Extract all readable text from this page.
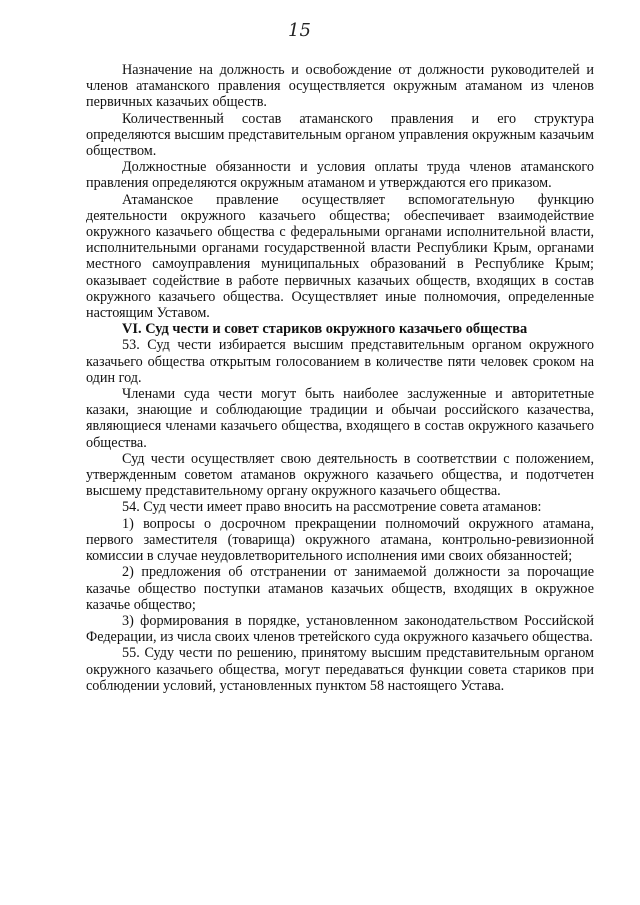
15

Назначение на должность и освобождение от должности руководителей и членов атаманского правления осуществляется окружным атаманом из членов первичных казачьих обществ.

Количественный состав атаманского правления и его структура определяются высшим представительным органом управления окружным казачьим обществом.

Должностные обязанности и условия оплаты труда членов атаманского правления определяются окружным атаманом и утверждаются его приказом.

Атаманское правление осуществляет вспомогательную функцию деятельности окружного казачьего общества; обеспечивает взаимодействие окружного казачьего общества с федеральными органами исполнительной власти, исполнительными органами государственной власти Республики Крым, органами местного самоуправления муниципальных образований в Республике Крым; оказывает содействие в работе первичных казачьих обществ, входящих в состав окружного казачьего общества. Осуществляет иные полномочия, определенные настоящим Уставом.

VI. Суд чести и совет стариков окружного казачьего общества

53. Суд чести избирается высшим представительным органом окружного казачьего общества открытым голосованием в количестве пяти человек сроком на один год.

Членами суда чести могут быть наиболее заслуженные и авторитетные казаки, знающие и соблюдающие традиции и обычаи российского казачества, являющиеся членами казачьего общества, входящего в состав окружного казачьего общества.

Суд чести осуществляет свою деятельность в соответствии с положением, утвержденным советом атаманов окружного казачьего общества, и подотчетен высшему представительному органу окружного казачьего общества.

54. Суд чести имеет право вносить на рассмотрение совета атаманов:

1) вопросы о досрочном прекращении полномочий окружного атамана, первого заместителя (товарища) окружного атамана, контрольно-ревизионной комиссии в случае неудовлетворительного исполнения ими своих обязанностей;

2) предложения об отстранении от занимаемой должности за порочащие казачье общество поступки атаманов казачьих обществ, входящих в окружное казачье общество;

3) формирования в порядке, установленном законодательством Российской Федерации, из числа своих членов третейского суда окружного казачьего общества.

55. Суду чести по решению, принятому высшим представительным органом окружного казачьего общества, могут передаваться функции совета стариков при соблюдении условий, установленных пунктом 58 настоящего Устава.
